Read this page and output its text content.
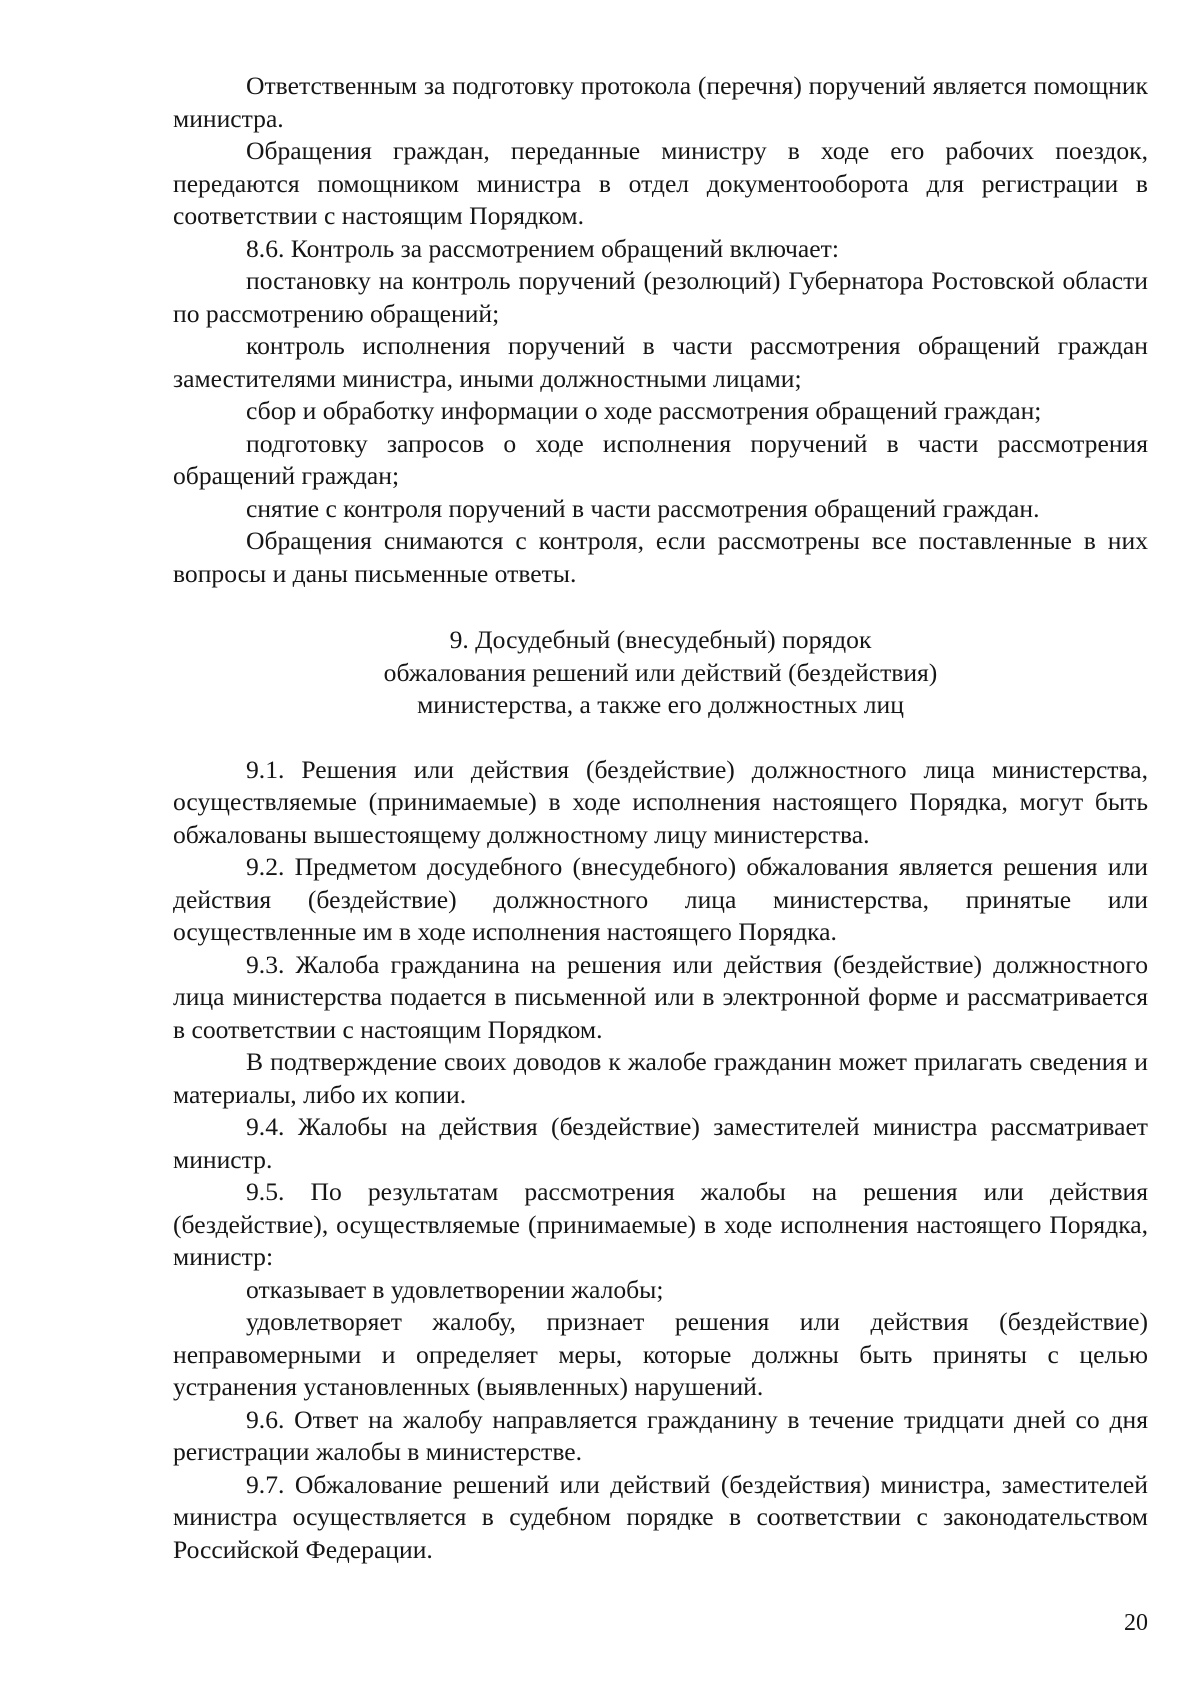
Ответственным за подготовку протокола (перечня) поручений является помощник министра.

Обращения граждан, переданные министру в ходе его рабочих поездок, передаются помощником министра в отдел документооборота для регистрации в соответствии с настоящим Порядком.

8.6. Контроль за рассмотрением обращений включает:

постановку на контроль поручений (резолюций) Губернатора Ростовской области по рассмотрению обращений;

контроль исполнения поручений в части рассмотрения обращений граждан заместителями министра, иными должностными лицами;

сбор и обработку информации о ходе рассмотрения обращений граждан;

подготовку запросов о ходе исполнения поручений в части рассмотрения обращений граждан;

снятие с контроля поручений в части рассмотрения обращений граждан.

Обращения снимаются с контроля, если рассмотрены все поставленные в них вопросы и даны письменные ответы.

9. Досудебный (внесудебный) порядок

обжалования решений или действий (бездействия)

министерства, а также его должностных лиц

9.1. Решения или действия (бездействие) должностного лица министерства, осуществляемые (принимаемые) в ходе исполнения настоящего Порядка, могут быть обжалованы вышестоящему должностному лицу министерства.

9.2. Предметом досудебного (внесудебного) обжалования является решения или действия (бездействие) должностного лица министерства, принятые или осуществленные им в ходе исполнения настоящего Порядка.

9.3. Жалоба гражданина на решения или действия (бездействие) должностного лица министерства подается в письменной или в электронной форме и рассматривается в соответствии с настоящим Порядком.

В подтверждение своих доводов к жалобе гражданин может прилагать сведения и материалы, либо их копии.

9.4. Жалобы на действия (бездействие) заместителей министра рассматривает министр.

9.5. По результатам рассмотрения жалобы на решения или действия (бездействие), осуществляемые (принимаемые) в ходе исполнения настоящего Порядка, министр:

отказывает в удовлетворении жалобы;

удовлетворяет жалобу, признает решения или действия (бездействие) неправомерными и определяет меры, которые должны быть приняты с целью устранения установленных (выявленных) нарушений.

9.6. Ответ на жалобу направляется гражданину в течение тридцати дней со дня регистрации жалобы в министерстве.

9.7. Обжалование решений или действий (бездействия) министра, заместителей министра осуществляется в судебном порядке в соответствии с законодательством Российской Федерации.

20
